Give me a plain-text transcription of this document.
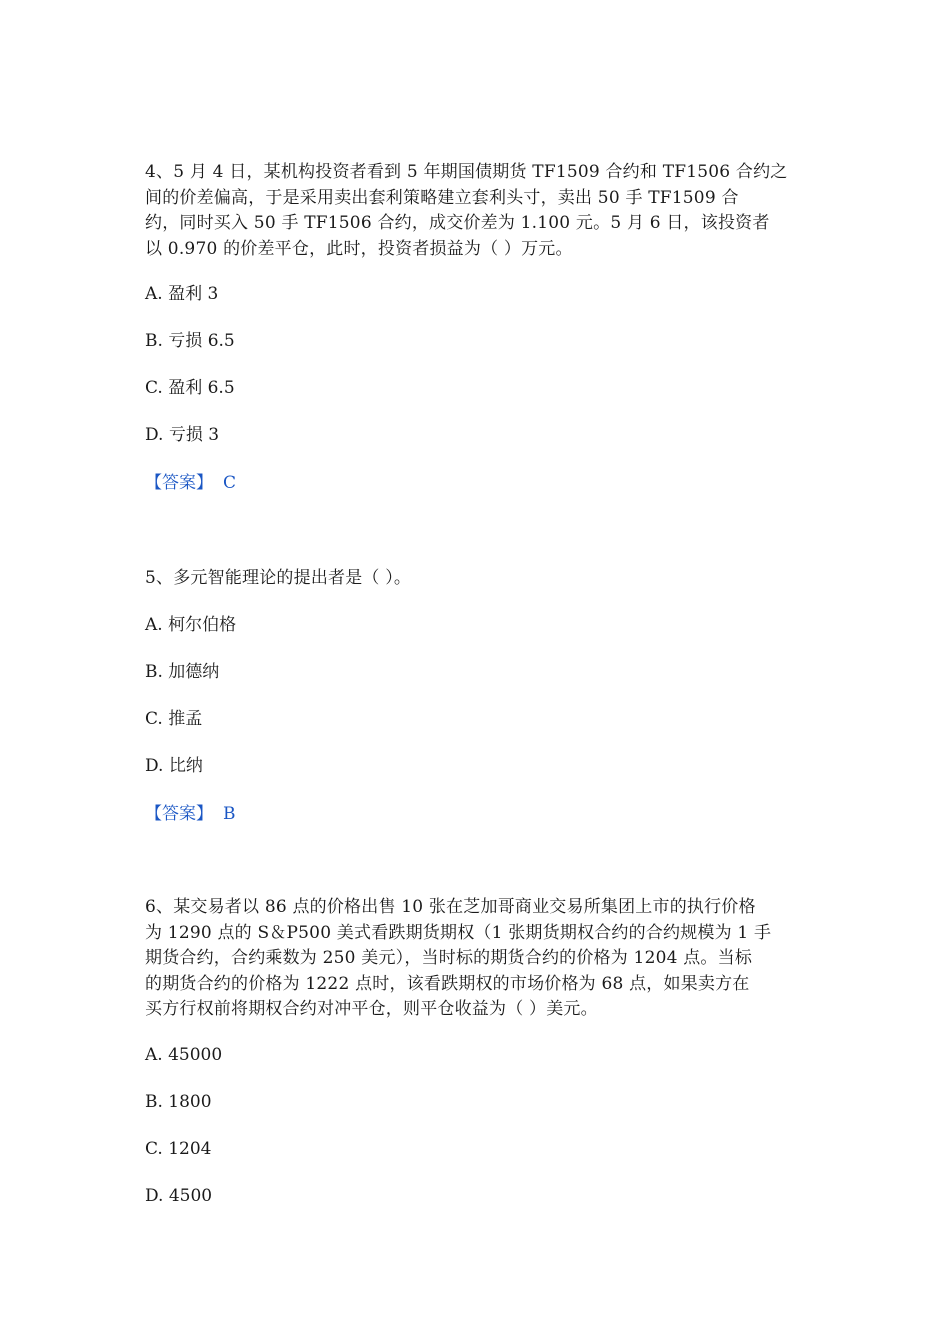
4、5 月 4 日，某机构投资者看到 5 年期国债期货 TF1509 合约和 TF1506 合约之
间的价差偏高，于是采用卖出套利策略建立套利头寸，卖出 50 手 TF1509 合
约，同时买入 50 手 TF1506 合约，成交价差为 1.100 元。5 月 6 日，该投资者
以 0.970 的价差平仓，此时，投资者损益为（ ）万元。

A. 盈利 3
B. 亏损 6.5
C. 盈利 6.5
D. 亏损 3
【答案】 C

5、多元智能理论的提出者是（ ）。

A. 柯尔伯格
B. 加德纳
C. 推孟
D. 比纳
【答案】 B

6、某交易者以 86 点的价格出售 10 张在芝加哥商业交易所集团上市的执行价格
为 1290 点的 S＆P500 美式看跌期货期权（1 张期货期权合约的合约规模为 1 手
期货合约，合约乘数为 250 美元），当时标的期货合约的价格为 1204 点。当标
的期货合约的价格为 1222 点时，该看跌期权的市场价格为 68 点，如果卖方在
买方行权前将期权合约对冲平仓，则平仓收益为（ ）美元。

A. 45000
B. 1800
C. 1204
D. 4500
